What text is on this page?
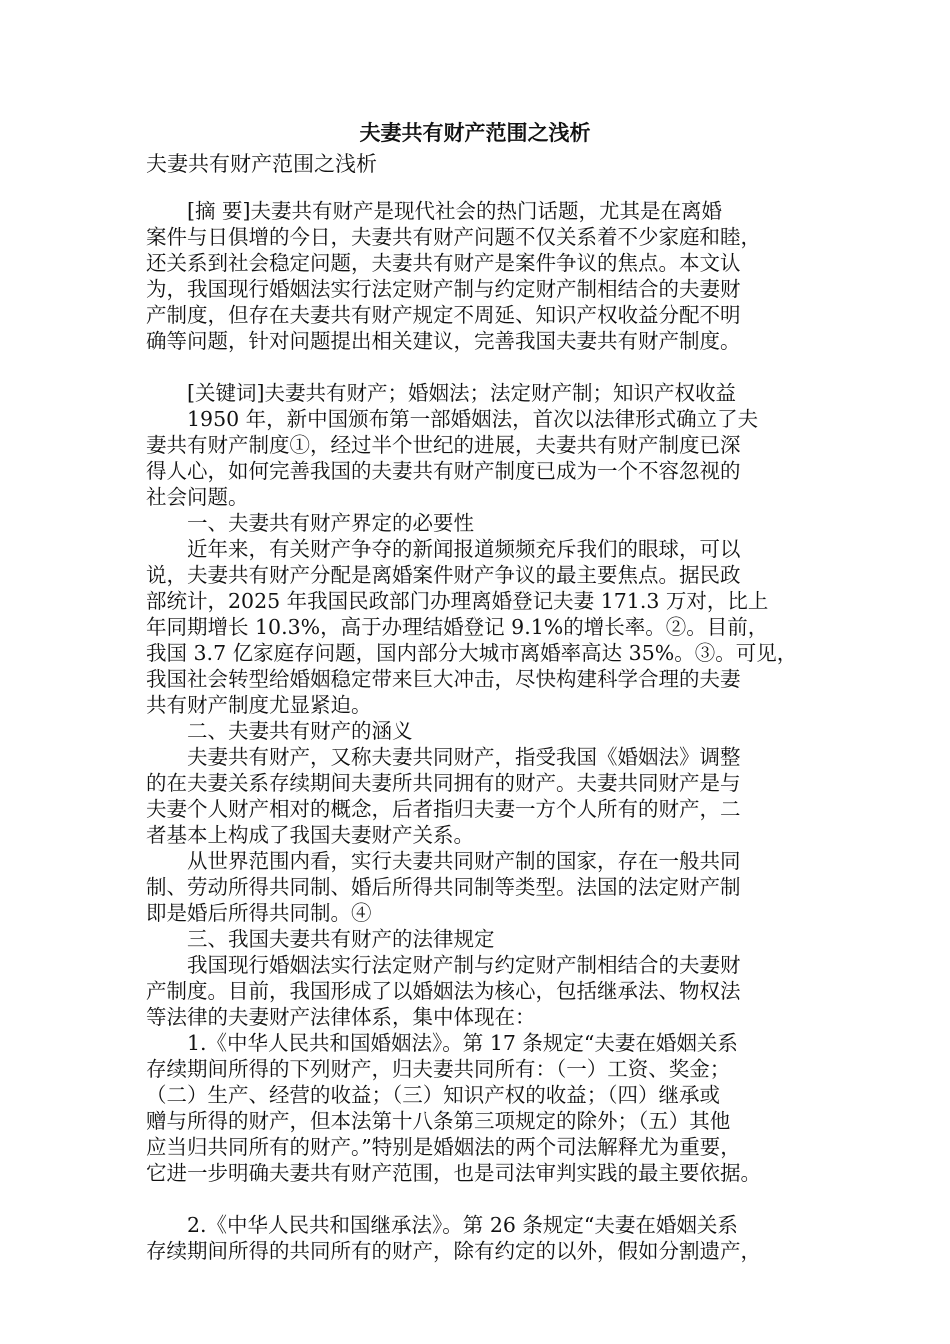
夫妻共有财产范围之浅析
夫妻共有财产范围之浅析
　　[摘 要]夫妻共有财产是现代社会的热门话题，尤其是在离婚
案件与日俱增的今日，夫妻共有财产问题不仅关系着不少家庭和睦，
还关系到社会稳定问题，夫妻共有财产是案件争议的焦点。本文认
为，我国现行婚姻法实行法定财产制与约定财产制相结合的夫妻财
产制度，但存在夫妻共有财产规定不周延、知识产权收益分配不明
确等问题，针对问题提出相关建议，完善我国夫妻共有财产制度。
　　[关键词]夫妻共有财产；婚姻法；法定财产制；知识产权收益
　　1950 年，新中国颁布第一部婚姻法，首次以法律形式确立了夫
妻共有财产制度①，经过半个世纪的进展，夫妻共有财产制度已深
得人心，如何完善我国的夫妻共有财产制度已成为一个不容忽视的
社会问题。
　　一、夫妻共有财产界定的必要性
　　近年来，有关财产争夺的新闻报道频频充斥我们的眼球，可以
说，夫妻共有财产分配是离婚案件财产争议的最主要焦点。据民政
部统计，2025 年我国民政部门办理离婚登记夫妻 171.3 万对，比上
年同期增长 10.3%，高于办理结婚登记 9.1%的增长率。②。目前，
我国 3.7 亿家庭存问题，国内部分大城市离婚率高达 35%。③。可见，
我国社会转型给婚姻稳定带来巨大冲击，尽快构建科学合理的夫妻
共有财产制度尤显紧迫。
　　二、夫妻共有财产的涵义
　　夫妻共有财产，又称夫妻共同财产，指受我国《婚姻法》调整
的在夫妻关系存续期间夫妻所共同拥有的财产。夫妻共同财产是与
夫妻个人财产相对的概念，后者指归夫妻一方个人所有的财产，二
者基本上构成了我国夫妻财产关系。
　　从世界范围内看，实行夫妻共同财产制的国家，存在一般共同
制、劳动所得共同制、婚后所得共同制等类型。法国的法定财产制
即是婚后所得共同制。④
　　三、我国夫妻共有财产的法律规定
　　我国现行婚姻法实行法定财产制与约定财产制相结合的夫妻财
产制度。目前，我国形成了以婚姻法为核心，包括继承法、物权法
等法律的夫妻财产法律体系，集中体现在：
　　1.《中华人民共和国婚姻法》。第 17 条规定“夫妻在婚姻关系
存续期间所得的下列财产，归夫妻共同所有：（一）工资、奖金；
（二）生产、经营的收益；（三）知识产权的收益；（四）继承或
赠与所得的财产，但本法第十八条第三项规定的除外；（五）其他
应当归共同所有的财产。”特别是婚姻法的两个司法解释尤为重要，
它进一步明确夫妻共有财产范围，也是司法审判实践的最主要依据。
　　2.《中华人民共和国继承法》。第 26 条规定“夫妻在婚姻关系
存续期间所得的共同所有的财产，除有约定的以外，假如分割遗产，
